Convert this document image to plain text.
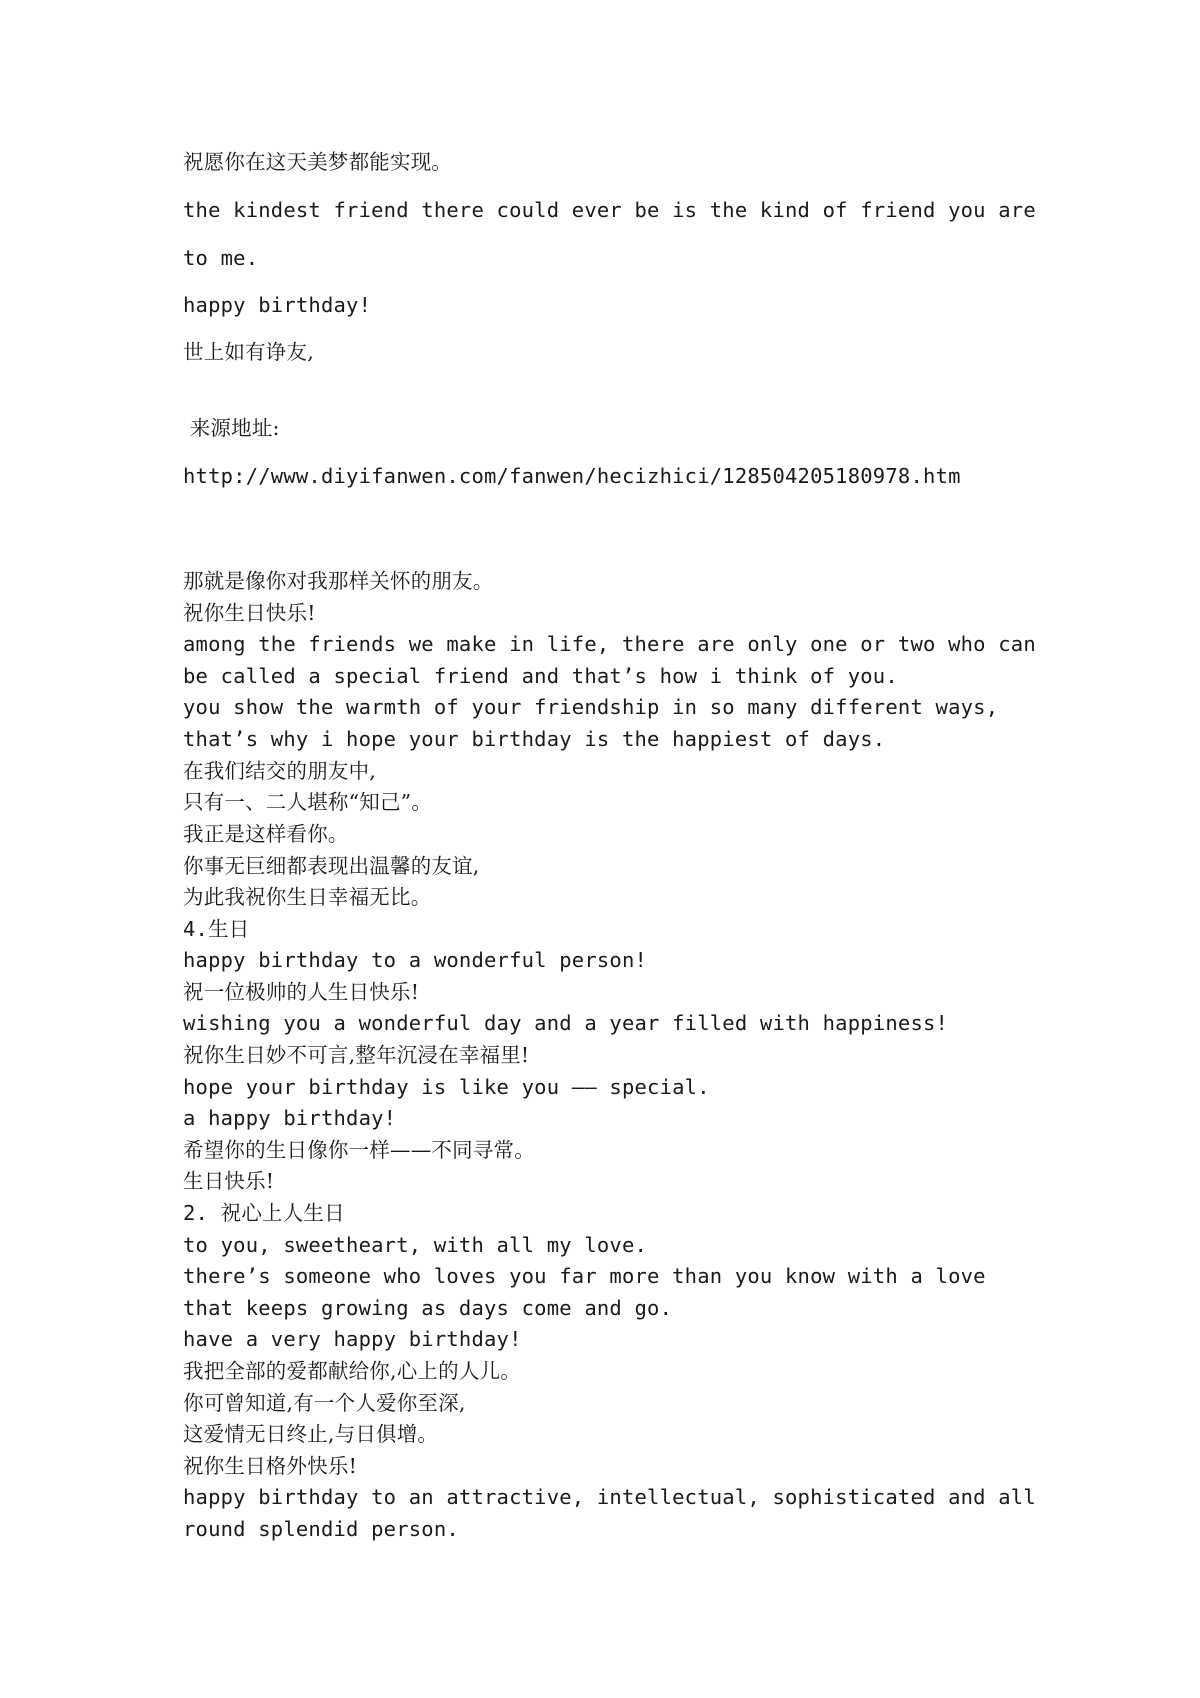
祝愿你在这天美梦都能实现。

the kindest friend there could ever be is the kind of friend you are

to me.

happy birthday!

世上如有诤友,

来源地址:

http://www.diyifanwen.com/fanwen/hecizhici/128504205180978.htm

那就是像你对我那样关怀的朋友。

祝你生日快乐!

among the friends we make in life, there are only one or two who can

be called a special friend and that’s how i think of you.

you show the warmth of your friendship in so many different ways,

that’s why i hope your birthday is the happiest of days.

在我们结交的朋友中,

只有一、二人堪称“知己”。

我正是这样看你。

你事无巨细都表现出温馨的友谊,

为此我祝你生日幸福无比。

4.生日

happy birthday to a wonderful person!

祝一位极帅的人生日快乐!

wishing you a wonderful day and a year filled with happiness!

祝你生日妙不可言,整年沉浸在幸福里!

hope your birthday is like you —— special.

a happy birthday!

希望你的生日像你一样——不同寻常。

生日快乐!

2. 祝心上人生日

to you, sweetheart, with all my love.

there’s someone who loves you far more than you know with a love

that keeps growing as days come and go.

have a very happy birthday!

我把全部的爱都献给你,心上的人儿。

你可曾知道,有一个人爱你至深,

这爱情无日终止,与日俱增。

祝你生日格外快乐!

happy birthday to an attractive, intellectual, sophisticated and all

round splendid person.
